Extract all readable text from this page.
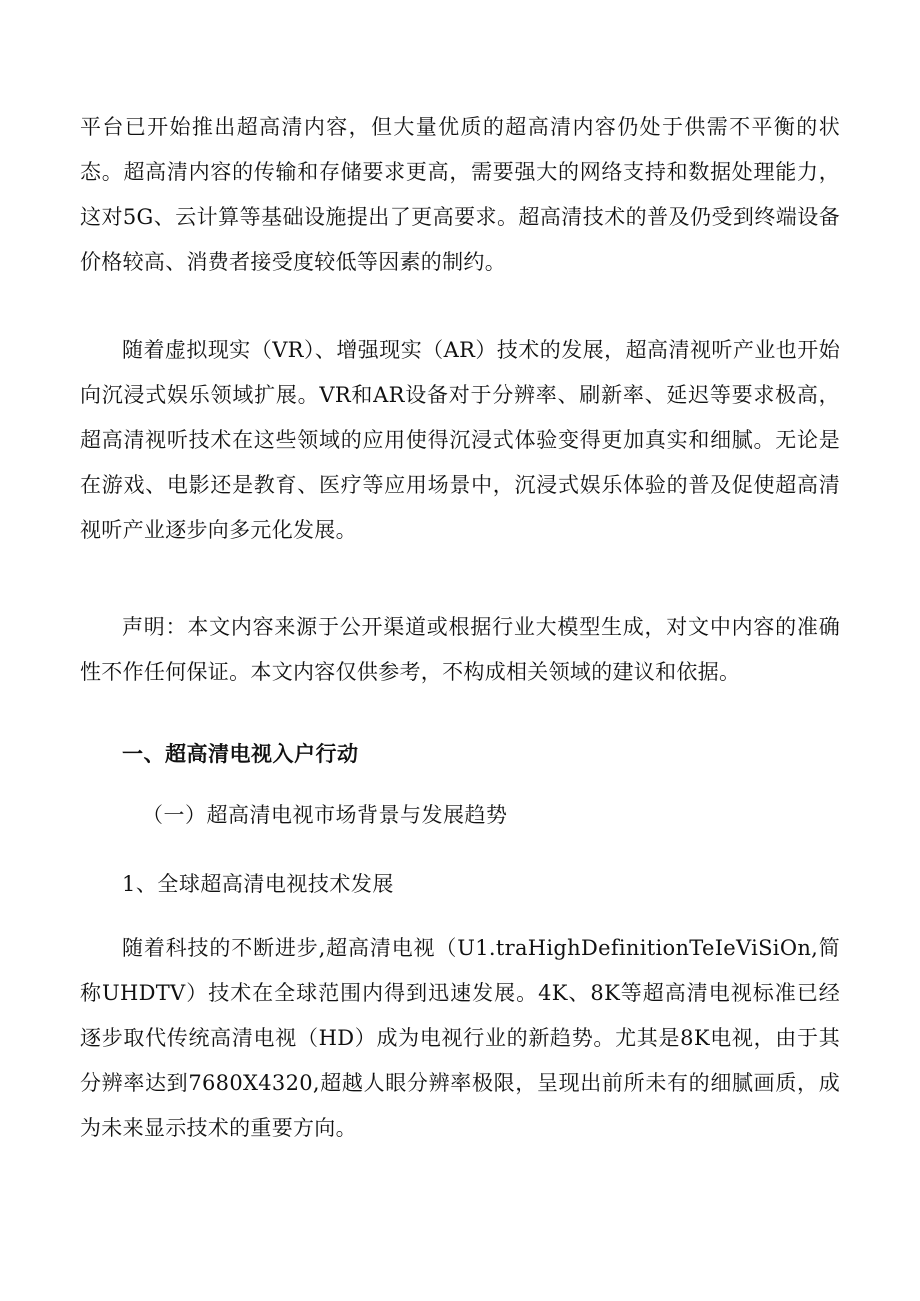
平台已开始推出超高清内容，但大量优质的超高清内容仍处于供需不平衡的状态。超高清内容的传输和存储要求更高，需要强大的网络支持和数据处理能力，这对5G、云计算等基础设施提出了更高要求。超高清技术的普及仍受到终端设备价格较高、消费者接受度较低等因素的制约。

随着虚拟现实（VR）、增强现实（AR）技术的发展，超高清视听产业也开始向沉浸式娱乐领域扩展。VR和AR设备对于分辨率、刷新率、延迟等要求极高，超高清视听技术在这些领域的应用使得沉浸式体验变得更加真实和细腻。无论是在游戏、电影还是教育、医疗等应用场景中，沉浸式娱乐体验的普及促使超高清视听产业逐步向多元化发展。

声明：本文内容来源于公开渠道或根据行业大模型生成，对文中内容的准确性不作任何保证。本文内容仅供参考，不构成相关领域的建议和依据。

一、超高清电视入户行动
（一）超高清电视市场背景与发展趋势
1、全球超高清电视技术发展

随着科技的不断进步,超高清电视（U1.traHighDefinitionTeIeViSiOn,简称UHDTV）技术在全球范围内得到迅速发展。4K、8K等超高清电视标准已经逐步取代传统高清电视（HD）成为电视行业的新趋势。尤其是8K电视，由于其分辨率达到7680X4320,超越人眼分辨率极限，呈现出前所未有的细腻画质，成为未来显示技术的重要方向。
